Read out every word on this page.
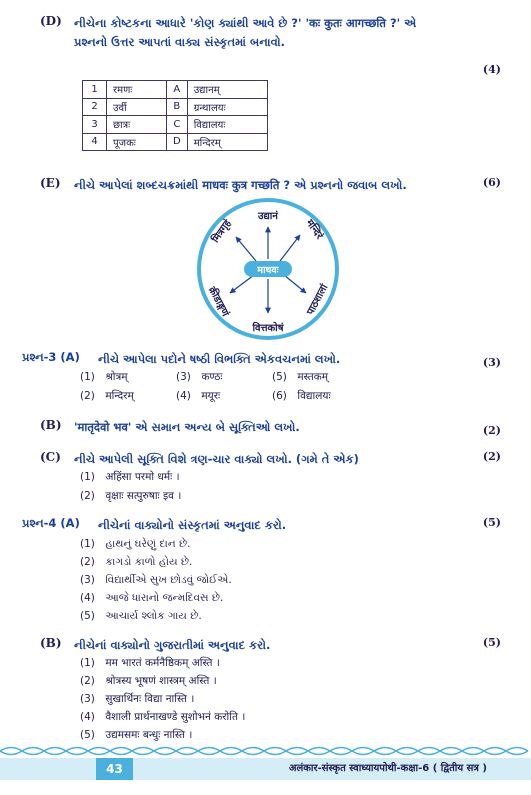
(D) નીચેના કોષ્ટકના આધારે 'કોણ ક્યાંથી આવે છે ?' 'कः कुतः आगच्छति ?' એ
પ્રશ્નનો ઉત્તર આપતાં વાક્ય સંસ્કૃતમાં બનાવો.
(4)
1	रमणः	A	उद्यानम्
2	उर्वी	B	ग्रन्थालयः
3	छात्रः	C	विद्यालयः
4	पूजकः	D	मन्दिरम्
(E) નીચે આપેલાં શબ્દચક્રમાંથી माधवः कुत्र गच्छति ? એ પ્રશ્નનો જવાબ લખો.	(6)
माधवः
उद्यानं
मन्दिरं
पाठशालां
वित्तकोषं
क्रीडाङ्गणं
मित्रगृहं
પ્રશ્ન-3 (A) નીચે આપેલા પદોને ષષ્ઠી વિભક્તિ એકવચનમાં લખો.	(3)
(1) श्रोत्रम्	(3) कण्ठः	(5) मस्तकम्
(2) मन्दिरम्	(4) मयूरः	(6) विद्यालयः
(B) 'मातृदेवो भव' એ સમાન અન્ય બે સૂક્તિઓ લખો.	(2)
(C) નીચે આપેલી સૂક્તિ વિશે ત્રણ-ચાર વાક્યો લખો. (ગમે તે એક)	(2)
(1) अहिंसा परमो धर्मः ।
(2) वृक्षाः सत्पुरुषाः इव ।
પ્રશ્ન-4 (A) નીચેનાં વાક્યોનો સંસ્કૃતમાં અનુવાદ કરો.	(5)
(1) હાથનું ઘરેણું દાન છે.
(2) કાગડો કાળો હોય છે.
(3) વિદ્યાર્થીએ સુખ છોડવું જોઈએ.
(4) આજે ધારાનો જન્મદિવસ છે.
(5) આચાર્ય શ્લોક ગાય છે.
(B) નીચેનાં વાક્યોનો ગુજરાતીમાં અનુવાદ કરો.	(5)
(1) मम भारतं कर्मनैष्ठिकम् अस्ति ।
(2) श्रोत्रस्य भूषणं शास्त्रम् अस्ति ।
(3) सुखार्थिनः विद्या नास्ति ।
(4) वैशाली प्रार्थनाखण्डे सुशोभनं करोति ।
(5) उद्यमसमः बन्धुः नास्ति ।
43	अलंकार-संस्कृत स्वाध्यायपोथी-कक्षा-6 ( द्वितीय सत्र )
